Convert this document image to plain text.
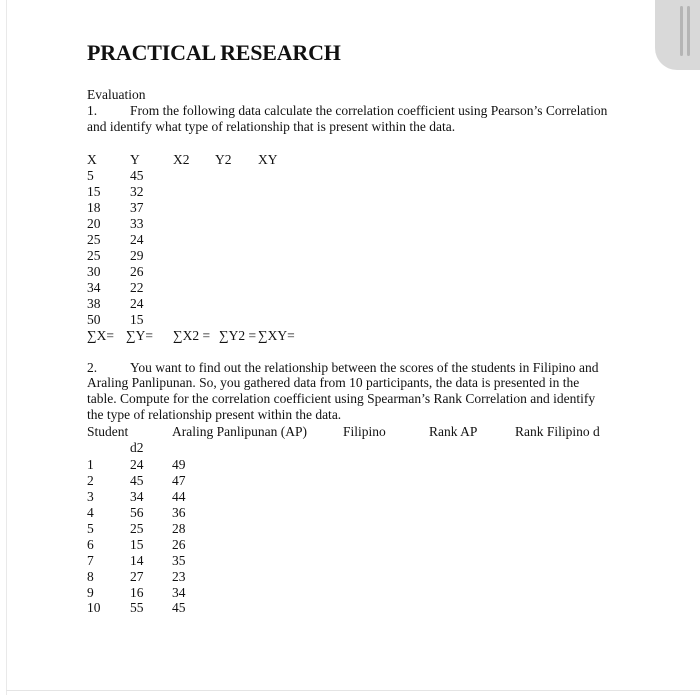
PRACTICAL RESEARCH
Evaluation
1. From the following data calculate the correlation coefficient using Pearson’s Correlation
and identify what type of relationship that is present within the data.
X Y X2 Y2 XY
5	45
15 32
18 37
20 33
25 24
25 29
30 26
34 22
38 24
50 15
∑X= ∑Y= ∑X2 = ∑Y2 = ∑XY=
2. You want to find out the relationship between the scores of the students in Filipino and
Araling Panlipunan. So, you gathered data from 10 participants, the data is presented in the
table. Compute for the correlation coefficient using Spearman’s Rank Correlation and identify
the type of relationship present within the data.
Student	Araling Panlipunan (AP)	Filipino	Rank AP	Rank Filipino d
d2
1	24 49
2	45 47
3	34 44
4	56 36
5	25 28
6	15 26
7	14 35
8	27 23
9	16 34
10 55 45
